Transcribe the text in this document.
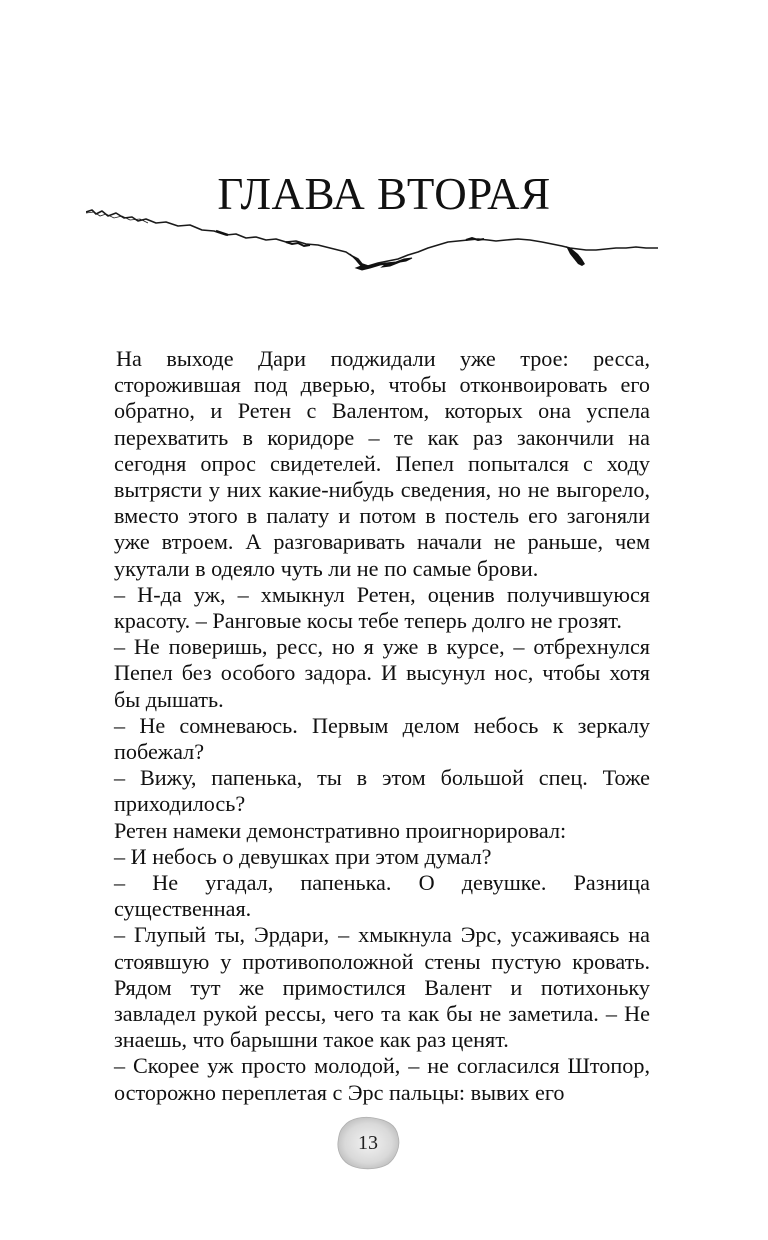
ГЛАВА ВТОРАЯ

На выходе Дари поджидали уже трое: ресса, сторожившая под дверью, чтобы отконвоировать его обратно, и Ретен с Валентом, которых она успела перехватить в коридоре – те как раз закончили на сегодня опрос свидетелей. Пепел попытался с ходу вытрясти у них какие-нибудь сведения, но не выгорело, вместо этого в палату и потом в постель его загоняли уже втроем. А разговаривать начали не раньше, чем укутали в одеяло чуть ли не по самые брови.

– Н-да уж, – хмыкнул Ретен, оценив получившуюся красоту. – Ранговые косы тебе теперь долго не грозят.

– Не поверишь, ресс, но я уже в курсе, – отбрехнулся Пепел без особого задора. И высунул нос, чтобы хотя бы дышать.

– Не сомневаюсь. Первым делом небось к зеркалу побежал?

– Вижу, папенька, ты в этом большой спец. Тоже приходилось?

Ретен намеки демонстративно проигнорировал:

– И небось о девушках при этом думал?

– Не угадал, папенька. О девушке. Разница существенная.

– Глупый ты, Эрдари, – хмыкнула Эрс, усаживаясь на стоявшую у противоположной стены пустую кровать. Рядом тут же примостился Валент и потихоньку завладел рукой рессы, чего та как бы не заметила. – Не знаешь, что барышни такое как раз ценят.

– Скорее уж просто молодой, – не согласился Штопор, осторожно переплетая с Эрс пальцы: вывих его

13
